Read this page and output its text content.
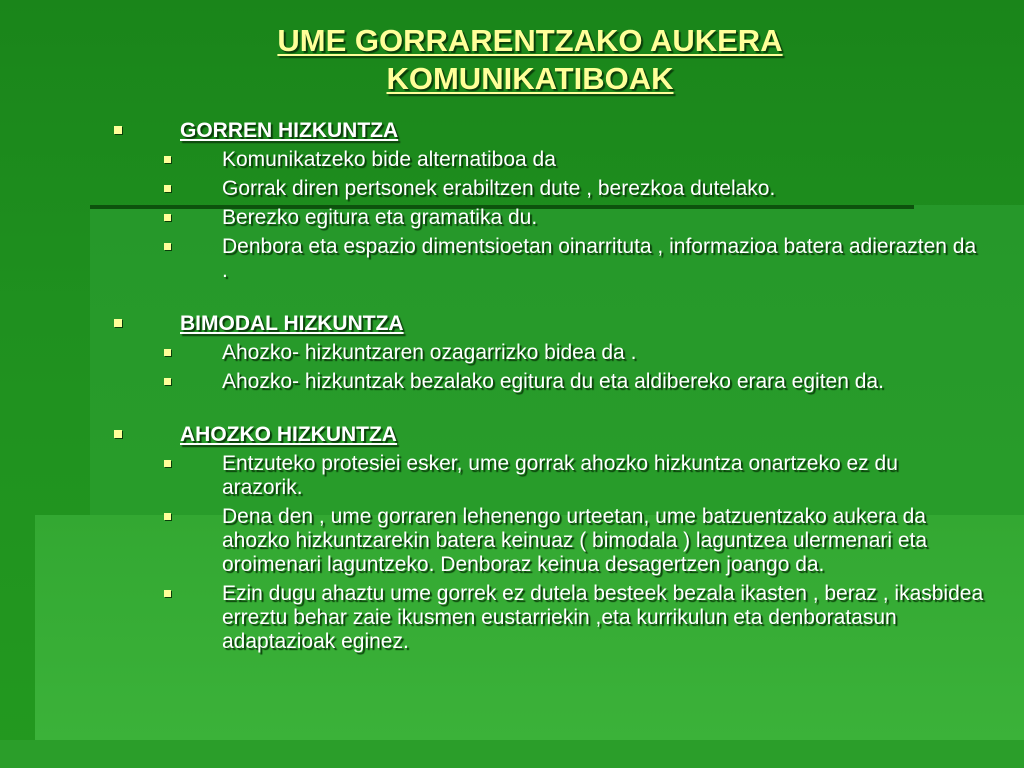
UME GORRARENTZAKO AUKERA
KOMUNIKATIBOAK
GORREN HIZKUNTZA
Komunikatzeko bide alternatiboa da
Gorrak diren pertsonek erabiltzen dute , berezkoa dutelako.
Berezko egitura eta gramatika du.
Denbora eta espazio dimentsioetan oinarrituta , informazioa batera adierazten da .
BIMODAL HIZKUNTZA
Ahozko- hizkuntzaren ozagarrizko bidea da .
Ahozko- hizkuntzak bezalako egitura du eta aldibereko erara egiten da.
AHOZKO HIZKUNTZA
Entzuteko protesiei esker, ume gorrak ahozko hizkuntza onartzeko ez du arazorik.
Dena den , ume gorraren lehenengo urteetan, ume batzuentzako aukera da ahozko hizkuntzarekin batera keinuaz ( bimodala ) laguntzea ulermenari eta oroimenari laguntzeko. Denboraz keinua desagertzen joango da.
Ezin dugu ahaztu ume gorrek ez dutela besteek bezala ikasten , beraz , ikasbidea erreztu behar zaie ikusmen eustarriekin ,eta kurrikulun eta denboratasun adaptazioak eginez.
